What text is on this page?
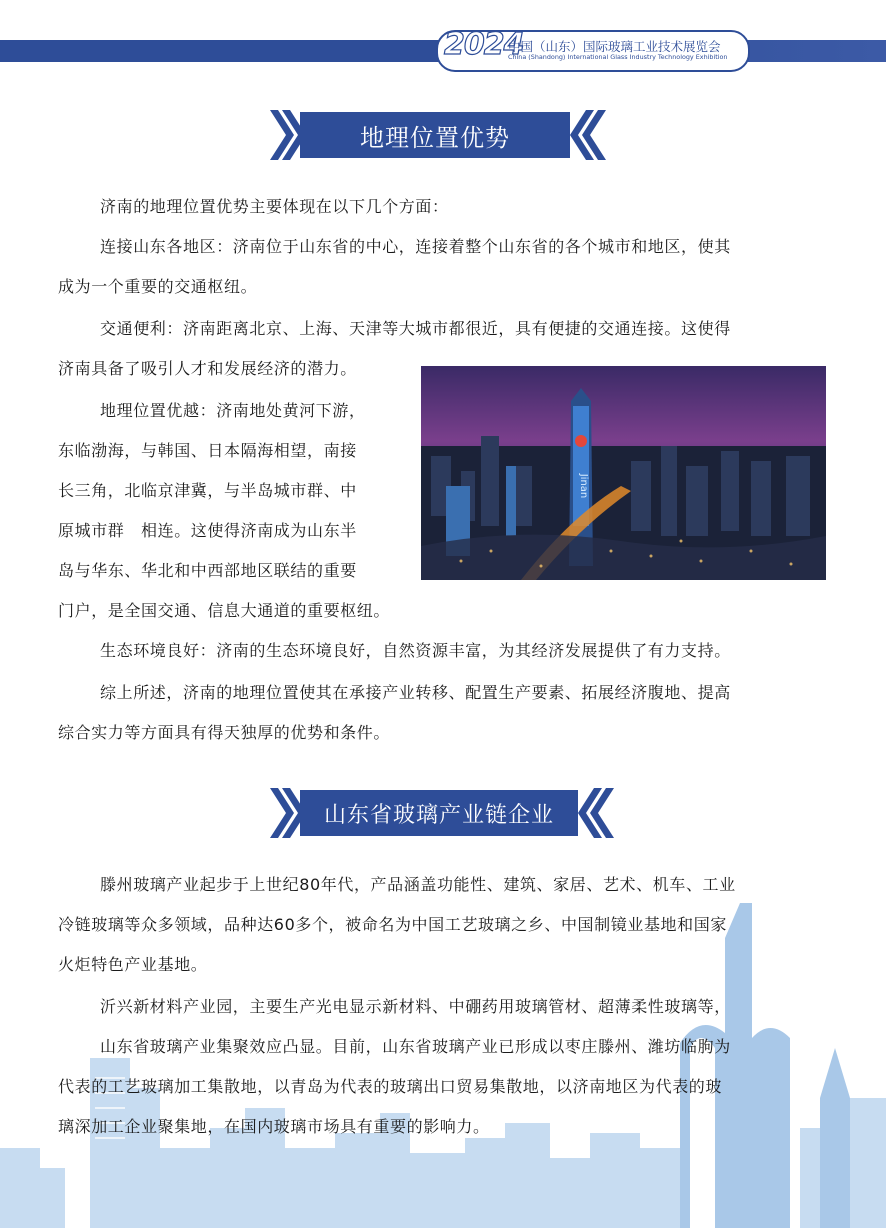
2024
中国（山东）国际玻璃工业技术展览会
China (Shandong) International Glass Industry Technology Exhibition
地理位置优势
济南的地理位置优势主要体现在以下几个方面：
连接山东各地区：济南位于山东省的中心，连接着整个山东省的各个城市和地区，使其
成为一个重要的交通枢纽。
交通便利：济南距离北京、上海、天津等大城市都很近，具有便捷的交通连接。这使得
济南具备了吸引人才和发展经济的潜力。
地理位置优越：济南地处黄河下游，
东临渤海，与韩国、日本隔海相望，南接
长三角，北临京津冀，与半岛城市群、中
原城市群　相连。这使得济南成为山东半
岛与华东、华北和中西部地区联结的重要
门户，是全国交通、信息大通道的重要枢纽。
生态环境良好：济南的生态环境良好，自然资源丰富，为其经济发展提供了有力支持。
综上所述，济南的地理位置使其在承接产业转移、配置生产要素、拓展经济腹地、提高
综合实力等方面具有得天独厚的优势和条件。
Jinan
山东省玻璃产业链企业
滕州玻璃产业起步于上世纪80年代，产品涵盖功能性、建筑、家居、艺术、机车、工业
冷链玻璃等众多领域，品种达60多个，被命名为中国工艺玻璃之乡、中国制镜业基地和国家
火炬特色产业基地。
沂兴新材料产业园，主要生产光电显示新材料、中硼药用玻璃管材、超薄柔性玻璃等，
山东省玻璃产业集聚效应凸显。目前，山东省玻璃产业已形成以枣庄滕州、潍坊临朐为
代表的工艺玻璃加工集散地，以青岛为代表的玻璃出口贸易集散地，以济南地区为代表的玻
璃深加工企业聚集地，在国内玻璃市场具有重要的影响力。
